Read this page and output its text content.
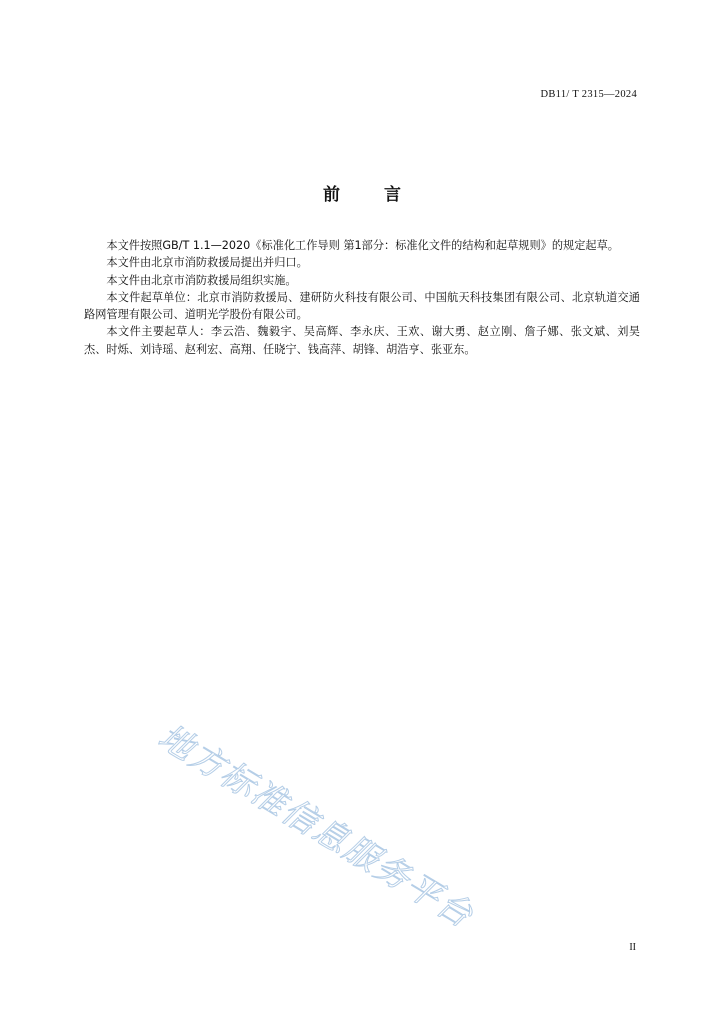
DB11/ T 2315—2024
前	言

本文件按照GB/T 1.1—2020《标准化工作导则 第1部分：标准化文件的结构和起草规则》的规定起草。

本文件由北京市消防救援局提出并归口。

本文件由北京市消防救援局组织实施。

本文件起草单位：北京市消防救援局、建研防火科技有限公司、中国航天科技集团有限公司、北京轨道交通路网管理有限公司、道明光学股份有限公司。

本文件主要起草人：李云浩、魏毅宇、吴高辉、李永庆、王欢、谢大勇、赵立刚、詹子娜、张文斌、刘昊杰、时烁、刘诗瑶、赵利宏、高翔、任晓宁、钱高萍、胡锋、胡浩亨、张亚东。

地方标准信息服务平台
II
